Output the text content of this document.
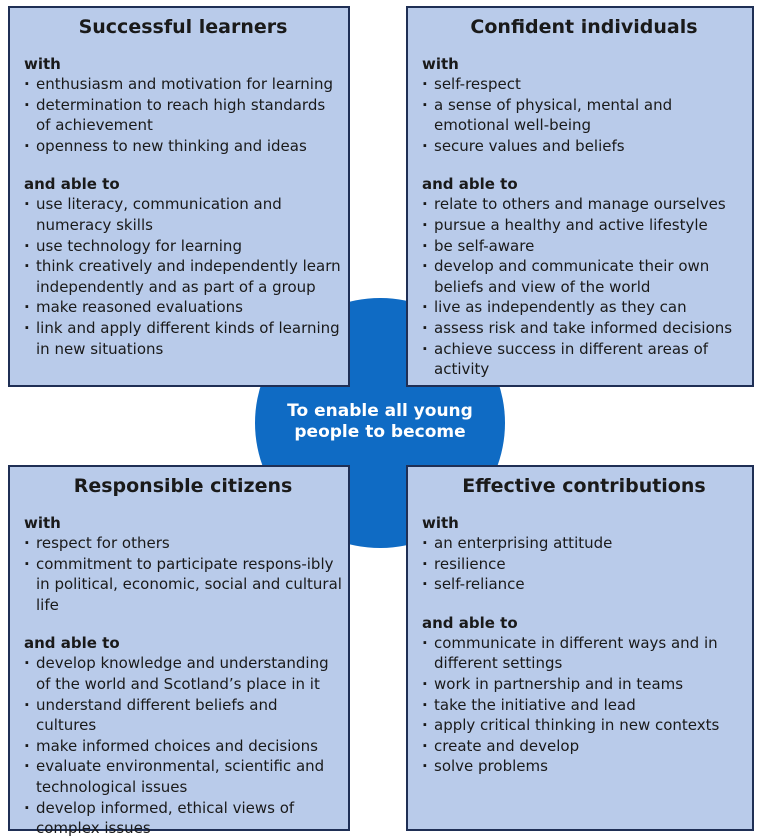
To enable all young
people to become
Successful learners
with
· enthusiasm and motivation for learning
· determination to reach high standards of achievement
· openness to new thinking and ideas
and able to
· use literacy, communication and numeracy skills
· use technology for learning
· think creatively and independently learn independently and as part of a group
· make reasoned evaluations
· link and apply different kinds of learning in new situations
Confident individuals
with
· self-respect
· a sense of physical, mental and emotional well-being
· secure values and beliefs
and able to
· relate to others and manage ourselves
· pursue a healthy and active lifestyle
· be self-aware
· develop and communicate their own beliefs and view of the world
· live as independently as they can
· assess risk and take informed decisions
· achieve success in different areas of activity
Responsible citizens
with
· respect for others
· commitment to participate respons-ibly in political, economic, social and cultural life
and able to
· develop knowledge and understanding of the world and Scotland’s place in it
· understand different beliefs and cultures
· make informed choices and decisions
· evaluate environmental, scientific and technological issues
· develop informed, ethical views of complex issues
Effective contributions
with
· an enterprising attitude
· resilience
· self-reliance
and able to
· communicate in different ways and in different settings
· work in partnership and in teams
· take the initiative and lead
· apply critical thinking in new contexts
· create and develop
· solve problems
